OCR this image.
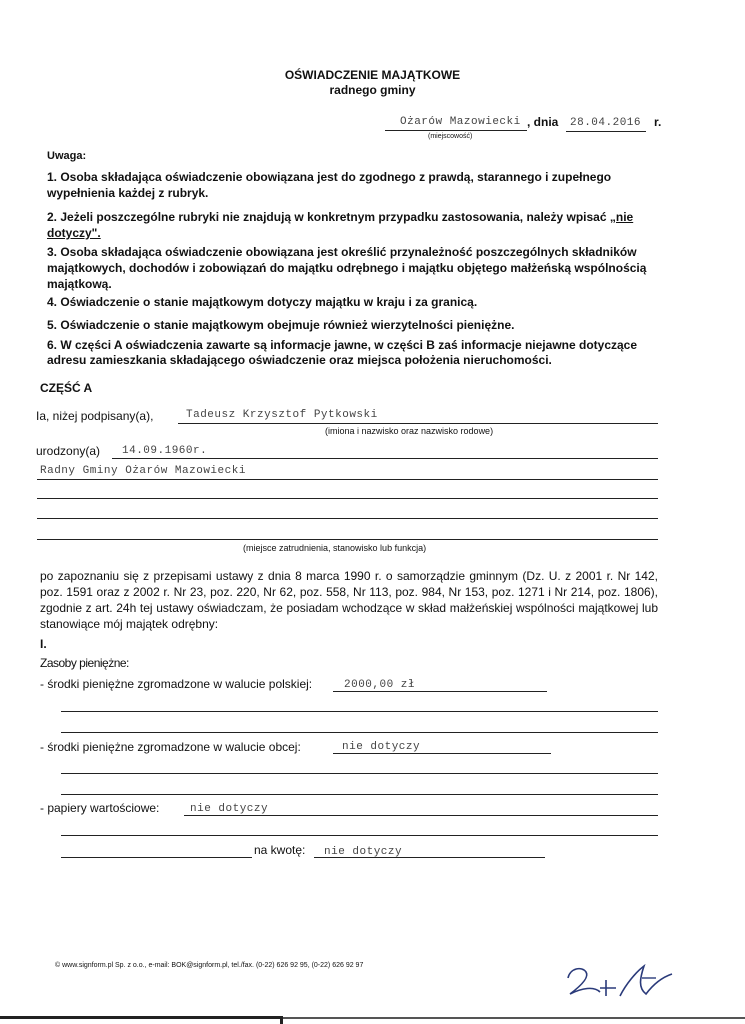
OŚWIADCZENIE MAJĄTKOWE
radnego gminy
Ożarów Mazowiecki , dnia 28.04.2016 r.
(miejscowość)
Uwaga:
1. Osoba składająca oświadczenie obowiązana jest do zgodnego z prawdą, starannego i zupełnego wypełnienia każdej z rubryk.
2. Jeżeli poszczególne rubryki nie znajdują w konkretnym przypadku zastosowania, należy wpisać „nie dotyczy".
3. Osoba składająca oświadczenie obowiązana jest określić przynależność poszczególnych składników majątkowych, dochodów i zobowiązań do majątku odrębnego i majątku objętego małżeńską wspólnością majątkową.
4. Oświadczenie o stanie majątkowym dotyczy majątku w kraju i za granicą.
5. Oświadczenie o stanie majątkowym obejmuje również wierzytelności pieniężne.
6. W części A oświadczenia zawarte są informacje jawne, w części B zaś informacje niejawne dotyczące adresu zamieszkania składającego oświadczenie oraz miejsca położenia nieruchomości.
CZĘŚĆ A
Ia, niżej podpisany(a),	Tadeusz Krzysztof Pytkowski
(imiona i nazwisko oraz nazwisko rodowe)
urodzony(a) 14.09.1960r.
Radny Gminy Ożarów Mazowiecki
(miejsce zatrudnienia, stanowisko lub funkcja)
po zapoznaniu się z przepisami ustawy z dnia 8 marca 1990 r. o samorządzie gminnym (Dz. U. z 2001 r. Nr 142, poz. 1591 oraz z 2002 r. Nr 23, poz. 220, Nr 62, poz. 558, Nr 113, poz. 984, Nr 153, poz. 1271 i Nr 214, poz. 1806), zgodnie z art. 24h tej ustawy oświadczam, że posiadam wchodzące w skład małżeńskiej wspólności majątkowej lub stanowiące mój majątek odrębny:
I.
Zasoby pieniężne:
- środki pieniężne zgromadzone w walucie polskiej:	2000,00 zł
- środki pieniężne zgromadzone w walucie obcej:	nie dotyczy
- papiery wartościowe:	nie dotyczy
na kwotę: nie dotyczy
© www.signform.pl Sp. z o.o., e-mail: BOK@signform.pl, tel./fax. (0-22) 626 92 95, (0-22) 626 92 97
